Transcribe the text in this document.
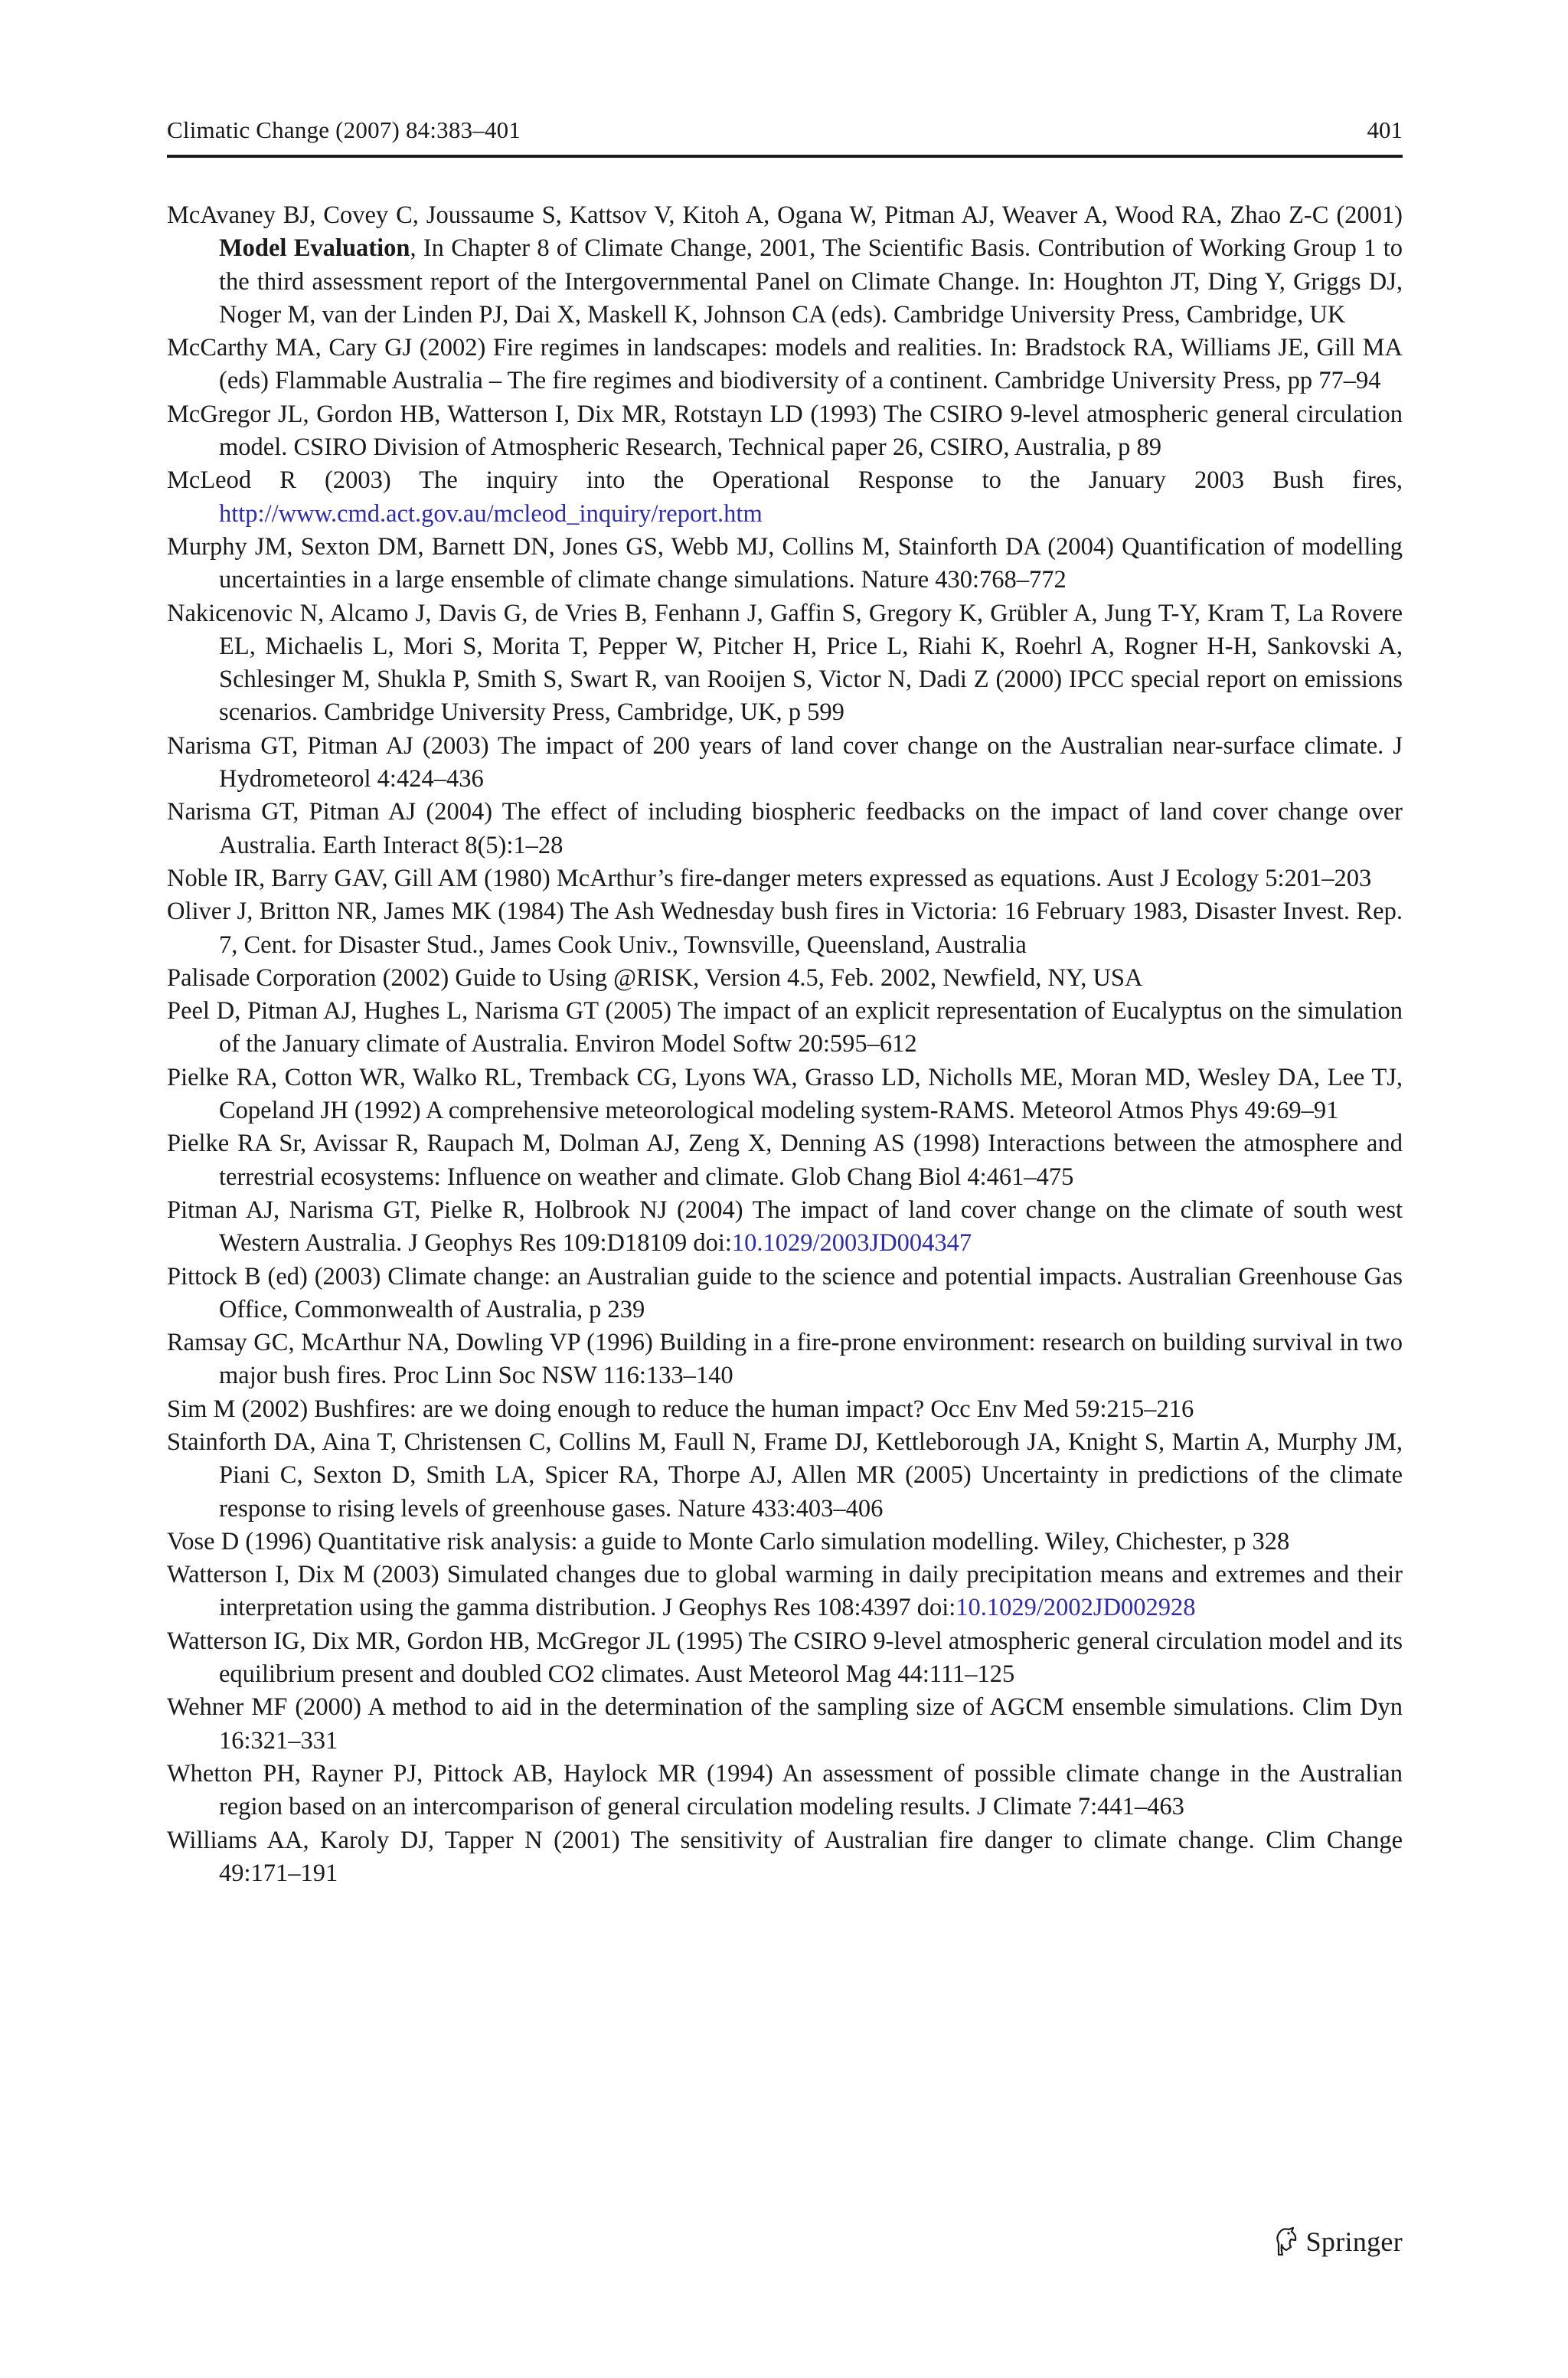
Climatic Change (2007) 84:383–401	401
McAvaney BJ, Covey C, Joussaume S, Kattsov V, Kitoh A, Ogana W, Pitman AJ, Weaver A, Wood RA, Zhao Z-C (2001) Model Evaluation, In Chapter 8 of Climate Change, 2001, The Scientific Basis. Contribution of Working Group 1 to the third assessment report of the Intergovernmental Panel on Climate Change. In: Houghton JT, Ding Y, Griggs DJ, Noger M, van der Linden PJ, Dai X, Maskell K, Johnson CA (eds). Cambridge University Press, Cambridge, UK
McCarthy MA, Cary GJ (2002) Fire regimes in landscapes: models and realities. In: Bradstock RA, Williams JE, Gill MA (eds) Flammable Australia – The fire regimes and biodiversity of a continent. Cambridge University Press, pp 77–94
McGregor JL, Gordon HB, Watterson I, Dix MR, Rotstayn LD (1993) The CSIRO 9-level atmospheric general circulation model. CSIRO Division of Atmospheric Research, Technical paper 26, CSIRO, Australia, p 89
McLeod R (2003) The inquiry into the Operational Response to the January 2003 Bush fires, http://www.cmd.act.gov.au/mcleod_inquiry/report.htm
Murphy JM, Sexton DM, Barnett DN, Jones GS, Webb MJ, Collins M, Stainforth DA (2004) Quantification of modelling uncertainties in a large ensemble of climate change simulations. Nature 430:768–772
Nakicenovic N, Alcamo J, Davis G, de Vries B, Fenhann J, Gaffin S, Gregory K, Grübler A, Jung T-Y, Kram T, La Rovere EL, Michaelis L, Mori S, Morita T, Pepper W, Pitcher H, Price L, Riahi K, Roehrl A, Rogner H-H, Sankovski A, Schlesinger M, Shukla P, Smith S, Swart R, van Rooijen S, Victor N, Dadi Z (2000) IPCC special report on emissions scenarios. Cambridge University Press, Cambridge, UK, p 599
Narisma GT, Pitman AJ (2003) The impact of 200 years of land cover change on the Australian near-surface climate. J Hydrometeorol 4:424–436
Narisma GT, Pitman AJ (2004) The effect of including biospheric feedbacks on the impact of land cover change over Australia. Earth Interact 8(5):1–28
Noble IR, Barry GAV, Gill AM (1980) McArthur’s fire-danger meters expressed as equations. Aust J Ecology 5:201–203
Oliver J, Britton NR, James MK (1984) The Ash Wednesday bush fires in Victoria: 16 February 1983, Disaster Invest. Rep. 7, Cent. for Disaster Stud., James Cook Univ., Townsville, Queensland, Australia
Palisade Corporation (2002) Guide to Using @RISK, Version 4.5, Feb. 2002, Newfield, NY, USA
Peel D, Pitman AJ, Hughes L, Narisma GT (2005) The impact of an explicit representation of Eucalyptus on the simulation of the January climate of Australia. Environ Model Softw 20:595–612
Pielke RA, Cotton WR, Walko RL, Tremback CG, Lyons WA, Grasso LD, Nicholls ME, Moran MD, Wesley DA, Lee TJ, Copeland JH (1992) A comprehensive meteorological modeling system-RAMS. Meteorol Atmos Phys 49:69–91
Pielke RA Sr, Avissar R, Raupach M, Dolman AJ, Zeng X, Denning AS (1998) Interactions between the atmosphere and terrestrial ecosystems: Influence on weather and climate. Glob Chang Biol 4:461–475
Pitman AJ, Narisma GT, Pielke R, Holbrook NJ (2004) The impact of land cover change on the climate of south west Western Australia. J Geophys Res 109:D18109 doi:10.1029/2003JD004347
Pittock B (ed) (2003) Climate change: an Australian guide to the science and potential impacts. Australian Greenhouse Gas Office, Commonwealth of Australia, p 239
Ramsay GC, McArthur NA, Dowling VP (1996) Building in a fire-prone environment: research on building survival in two major bush fires. Proc Linn Soc NSW 116:133–140
Sim M (2002) Bushfires: are we doing enough to reduce the human impact? Occ Env Med 59:215–216
Stainforth DA, Aina T, Christensen C, Collins M, Faull N, Frame DJ, Kettleborough JA, Knight S, Martin A, Murphy JM, Piani C, Sexton D, Smith LA, Spicer RA, Thorpe AJ, Allen MR (2005) Uncertainty in predictions of the climate response to rising levels of greenhouse gases. Nature 433:403–406
Vose D (1996) Quantitative risk analysis: a guide to Monte Carlo simulation modelling. Wiley, Chichester, p 328
Watterson I, Dix M (2003) Simulated changes due to global warming in daily precipitation means and extremes and their interpretation using the gamma distribution. J Geophys Res 108:4397 doi:10.1029/2002JD002928
Watterson IG, Dix MR, Gordon HB, McGregor JL (1995) The CSIRO 9-level atmospheric general circulation model and its equilibrium present and doubled CO2 climates. Aust Meteorol Mag 44:111–125
Wehner MF (2000) A method to aid in the determination of the sampling size of AGCM ensemble simulations. Clim Dyn 16:321–331
Whetton PH, Rayner PJ, Pittock AB, Haylock MR (1994) An assessment of possible climate change in the Australian region based on an intercomparison of general circulation modeling results. J Climate 7:441–463
Williams AA, Karoly DJ, Tapper N (2001) The sensitivity of Australian fire danger to climate change. Clim Change 49:171–191
Springer
